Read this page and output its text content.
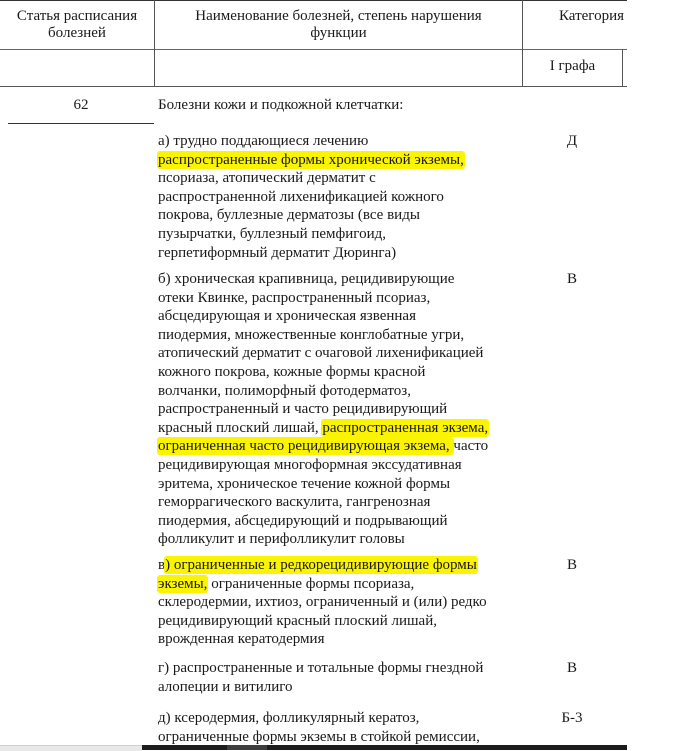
Статья расписания
болезней
Наименование болезней, степень нарушения
функции
Категория
I графа
62	Болезни кожи и подкожной клетчатки:
а) трудно поддающиеся лечению
распространенные формы хронической экземы,
псориаза, атопический дерматит с
распространенной лихенификацией кожного
покрова, буллезные дерматозы (все виды
пузырчатки, буллезный пемфигоид,
герпетиформный дерматит Дюринга)
Д
б) хроническая крапивница, рецидивирующие
отеки Квинке, распространенный псориаз,
абсцедирующая и хроническая язвенная
пиодермия, множественные конглобатные угри,
атопический дерматит с очаговой лихенификацией
кожного покрова, кожные формы красной
волчанки, полиморфный фотодерматоз,
распространенный и часто рецидивирующий
красный плоский лишай, распространенная экзема,
ограниченная часто рецидивирующая экзема, часто
рецидивирующая многоформная экссудативная
эритема, хроническое течение кожной формы
геморрагического васкулита, гангренозная
пиодермия, абсцедирующий и подрывающий
фолликулит и перифолликулит головы
В
в) ограниченные и редкорецидивирующие формы
экземы, ограниченные формы псориаза,
склеродермии, ихтиоз, ограниченный и (или) редко
рецидивирующий красный плоский лишай,
врожденная кератодермия
В
г) распространенные и тотальные формы гнездной
алопеции и витилиго
В
д) ксеродермия, фолликулярный кератоз,
ограниченные формы экземы в стойкой ремиссии,
Б-3
